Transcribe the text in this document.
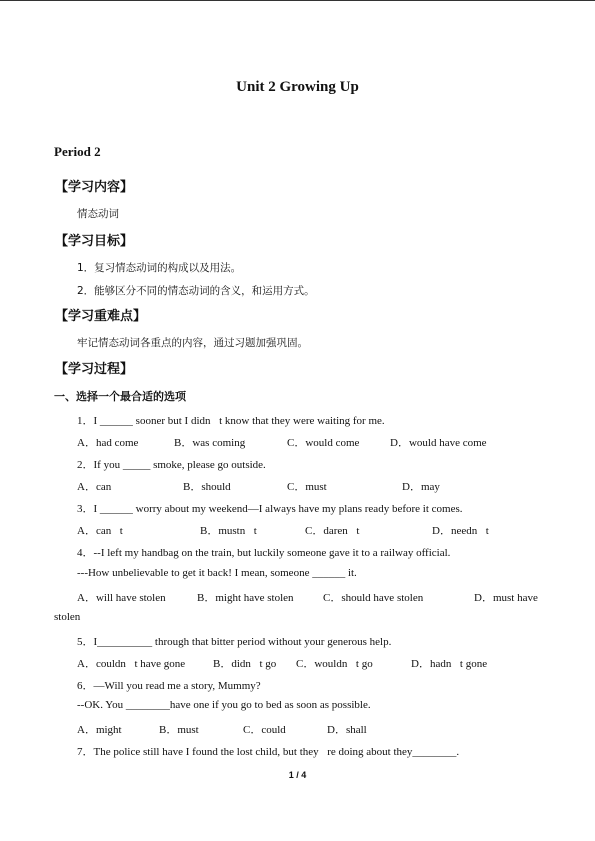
Unit 2 Growing Up
Period 2
【学习内容】
情态动词
【学习目标】
1．复习情态动词的构成以及用法。
2．能够区分不同的情态动词的含义，和运用方式。
【学习重难点】
牢记情态动词各重点的内容，通过习题加强巩固。
【学习过程】
一、选择一个最合适的选项
1．I ______ sooner but I didn t know that they were waiting for me.
A．had come	B．was coming	C．would come	D．would have come
2．If you _____ smoke, please go outside.
A．can	B．should	C．must	D．may
3．I ______ worry about my weekend—I always have my plans ready before it comes.
A．can t	B．mustn t	C．daren t	D．needn t
4．--I left my handbag on the train, but luckily someone gave it to a railway official.
---How unbelievable to get it back! I mean, someone ______ it.
A．will have stolen	B．might have stolen	C．should have stolen	D．must have
stolen
5．I__________ through that bitter period without your generous help.
A．couldn t have gone	B．didn t go C．wouldn t go	D．hadn t gone
6．—Will you read me a story, Mummy?
--OK. You ________have one if you go to bed as soon as possible.
A．might	B．must	C．could	D．shall
7．The police still have I found the lost child, but they re doing about they________.
1 / 4
